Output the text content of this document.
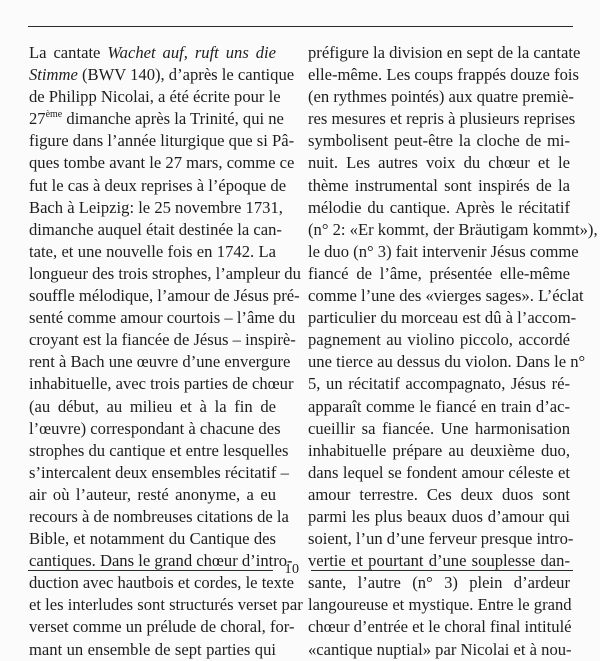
La cantate Wachet auf, ruft uns die
Stimme (BWV 140), d’après le cantique
de Philipp Nicolai, a été écrite pour le
27ème dimanche après la Trinité, qui ne
figure dans l’année liturgique que si Pâ-
ques tombe avant le 27 mars, comme ce
fut le cas à deux reprises à l’époque de
Bach à Leipzig: le 25 novembre 1731,
dimanche auquel était destinée la can-
tate, et une nouvelle fois en 1742. La
longueur des trois strophes, l’ampleur du
souffle mélodique, l’amour de Jésus pré-
senté comme amour courtois – l’âme du
croyant est la fiancée de Jésus – inspirè-
rent à Bach une œuvre d’une envergure
inhabituelle, avec trois parties de chœur
(au début, au milieu et à la fin de
l’œuvre) correspondant à chacune des
strophes du cantique et entre lesquelles
s’intercalent deux ensembles récitatif –
air où l’auteur, resté anonyme, a eu
recours à de nombreuses citations de la
Bible, et notamment du Cantique des
cantiques. Dans le grand chœur d’intro-
duction avec hautbois et cordes, le texte
et les interludes sont structurés verset par
verset comme un prélude de choral, for-
mant un ensemble de sept parties qui
préfigure la division en sept de la cantate
elle-même. Les coups frappés douze fois
(en rythmes pointés) aux quatre premiè-
res mesures et repris à plusieurs reprises
symbolisent peut-être la cloche de mi-
nuit. Les autres voix du chœur et le
thème instrumental sont inspirés de la
mélodie du cantique. Après le récitatif
(n° 2: «Er kommt, der Bräutigam kommt»),
le duo (n° 3) fait intervenir Jésus comme
fiancé de l’âme, présentée elle-même
comme l’une des «vierges sages». L’éclat
particulier du morceau est dû à l’accom-
pagnement au violino piccolo, accordé
une tierce au dessus du violon. Dans le n°
5, un récitatif accompagnato, Jésus ré-
apparaît comme le fiancé en train d’ac-
cueillir sa fiancée. Une harmonisation
inhabituelle prépare au deuxième duo,
dans lequel se fondent amour céleste et
amour terrestre. Ces deux duos sont
parmi les plus beaux duos d’amour qui
soient, l’un d’une ferveur presque intro-
vertie et pourtant d’une souplesse dan-
sante, l’autre (n° 3) plein d’ardeur
langoureuse et mystique. Entre le grand
chœur d’entrée et le choral final intitulé
«cantique nuptial» par Nicolai et à nou-
10
